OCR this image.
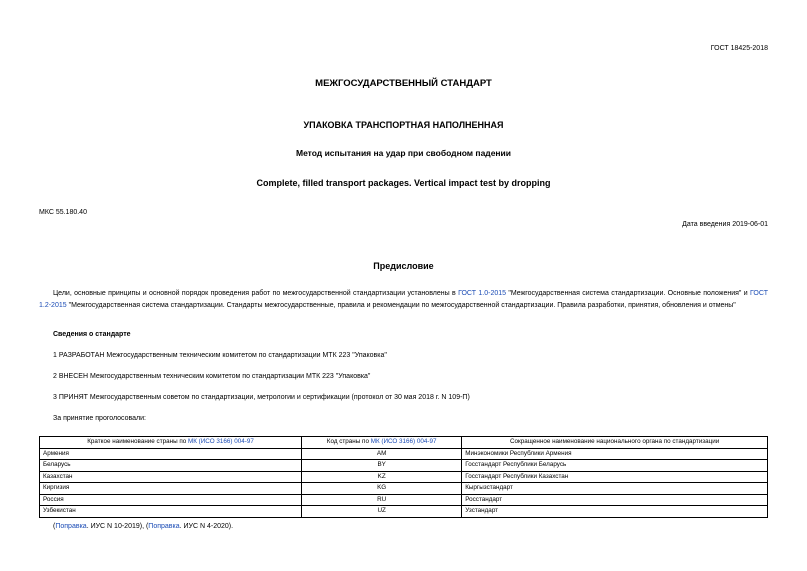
ГОСТ 18425-2018
МЕЖГОСУДАРСТВЕННЫЙ СТАНДАРТ
УПАКОВКА ТРАНСПОРТНАЯ НАПОЛНЕННАЯ
Метод испытания на удар при свободном падении
Complete, filled transport packages. Vertical impact test by dropping
МКС 55.180.40
Дата введения 2019-06-01
Предисловие
Цели, основные принципы и основной порядок проведения работ по межгосударственной стандартизации установлены в ГОСТ 1.0-2015 "Межгосударственная система стандартизации. Основные положения" и ГОСТ 1.2-2015 "Межгосударственная система стандартизации. Стандарты межгосударственные, правила и рекомендации по межгосударственной стандартизации. Правила разработки, принятия, обновления и отмены"
Сведения о стандарте
1 РАЗРАБОТАН Межгосударственным техническим комитетом по стандартизации МТК 223 "Упаковка"
2 ВНЕСЕН Межгосударственным техническим комитетом по стандартизации МТК 223 "Упаковка"
3 ПРИНЯТ Межгосударственным советом по стандартизации, метрологии и сертификации (протокол от 30 мая 2018 г. N 109-П)
За принятие проголосовали:
Краткое наименование страны по МК (ИСО 3166) 004-97	Код страны по МК (ИСО 3166) 004-97	Сокращенное наименование национального органа по стандартизации
Армения	AM	Минэкономики Республики Армения
Беларусь	BY	Госстандарт Республики Беларусь
Казахстан	KZ	Госстандарт Республики Казахстан
Киргизия	KG	Кыргызстандарт
Россия	RU	Росстандарт
Узбекистан	UZ	Узстандарт
(Поправка. ИУС N 10-2019), (Поправка. ИУС N 4-2020).
